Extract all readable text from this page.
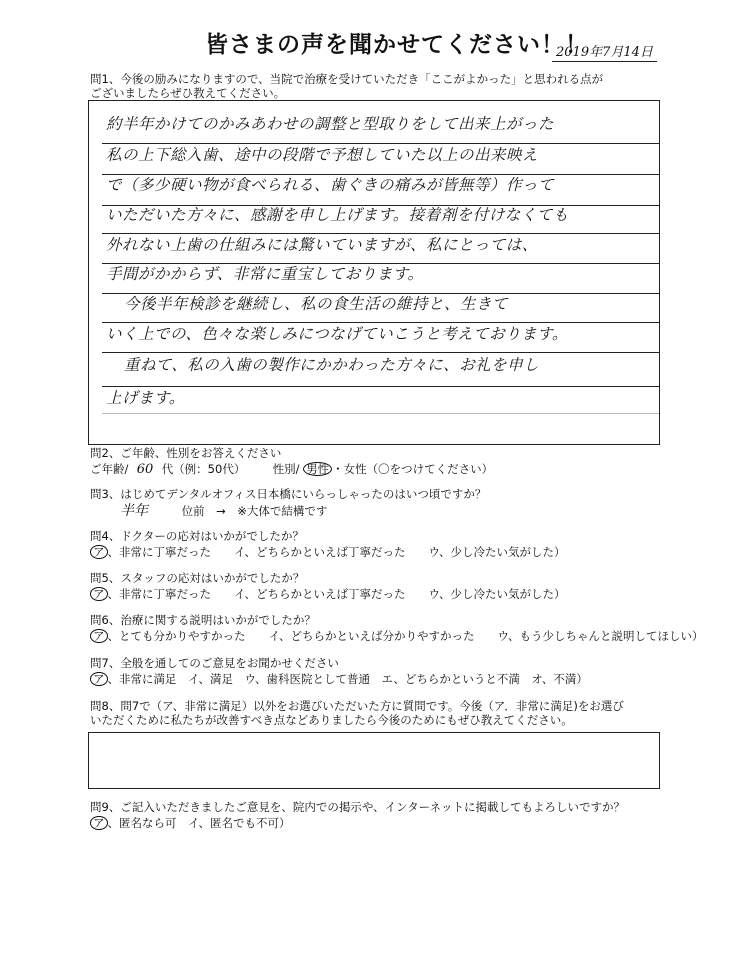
皆さまの声を聞かせてください！！
2019年7月14日
問1、今後の励みになりますので、当院で治療を受けていただき「ここがよかった」と思われる点が
ございましたらぜひ教えてください。
約半年かけてのかみあわせの調整と型取りをして出来上がった
私の上下総入歯、途中の段階で予想していた以上の出来映え
で（多少硬い物が食べられる、歯ぐきの痛みが皆無等）作って
いただいた方々に、感謝を申し上げます。接着剤を付けなくても
外れない上歯の仕組みには驚いていますが、私にとっては、
手間がかからず、非常に重宝しております。
今後半年検診を継続し、私の食生活の維持と、生きて
いく上での、色々な楽しみにつなげていこうと考えております。
重ねて、私の入歯の製作にかかわった方々に、お礼を申し
上げます。
問2、ご年齢、性別をお答えください
ご年齢/ 60 代（例：50代） 性別/ 男性 ・女性（〇をつけてください）
問3、はじめてデンタルオフィス日本橋にいらっしゃったのはいつ頃ですか？
半年	位前　→　※大体で結構です
問4、ドクターの応対はいかがでしたか？
ア 、非常に丁寧だった　　イ、どちらかといえば丁寧だった　　ウ、少し冷たい気がした）
問5、スタッフの応対はいかがでしたか？
ア 、非常に丁寧だった　　イ、どちらかといえば丁寧だった　　ウ、少し冷たい気がした）
問6、治療に関する説明はいかがでしたか？
ア 、とても分かりやすかった　　イ、どちらかといえば分かりやすかった　　ウ、もう少しちゃんと説明してほしい）
問7、全般を通してのご意見をお聞かせください
ア 、非常に満足　イ、満足　ウ、歯科医院として普通　エ、どちらかというと不満　オ、不満）
問8、問7で（ア、非常に満足）以外をお選びいただいた方に質問です。今後（ア．非常に満足)をお選び
いただくために私たちが改善すべき点などありましたら今後のためにもぜひ教えてください。
問9、ご記入いただきましたご意見を、院内での掲示や、インターネットに掲載してもよろしいですか？
ア 、匿名なら可　イ、匿名でも不可）
